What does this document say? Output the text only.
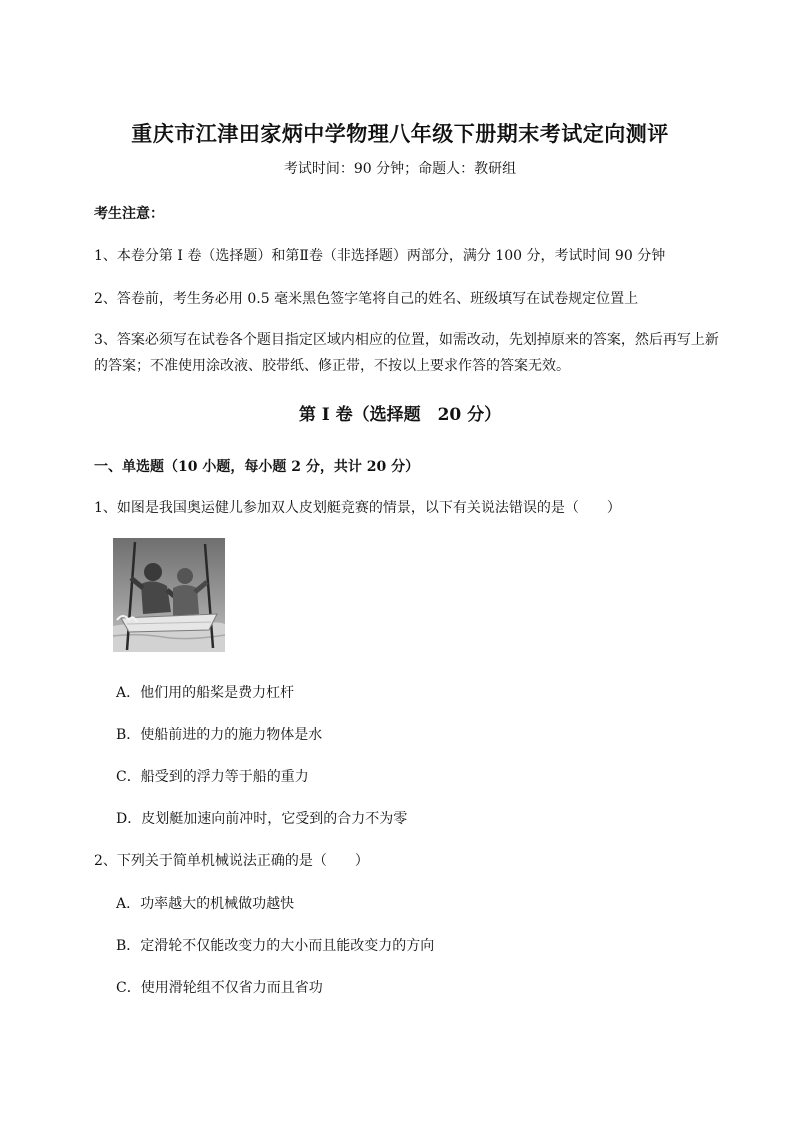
重庆市江津田家炳中学物理八年级下册期末考试定向测评
考试时间：90 分钟；命题人：教研组
考生注意：
1、本卷分第 I 卷（选择题）和第Ⅱ卷（非选择题）两部分，满分 100 分，考试时间 90 分钟
2、答卷前，考生务必用 0.5 毫米黑色签字笔将自己的姓名、班级填写在试卷规定位置上
3、答案必须写在试卷各个题目指定区域内相应的位置，如需改动，先划掉原来的答案，然后再写上新
的答案；不准使用涂改液、胶带纸、修正带，不按以上要求作答的答案无效。
第 I 卷（选择题　20 分）
一、单选题（10 小题，每小题 2 分，共计 20 分）
1、如图是我国奥运健儿参加双人皮划艇竞赛的情景，以下有关说法错误的是（　　）
A．他们用的船桨是费力杠杆
B．使船前进的力的施力物体是水
C．船受到的浮力等于船的重力
D．皮划艇加速向前冲时，它受到的合力不为零
2、下列关于简单机械说法正确的是（　　）
A．功率越大的机械做功越快
B．定滑轮不仅能改变力的大小而且能改变力的方向
C．使用滑轮组不仅省力而且省功
